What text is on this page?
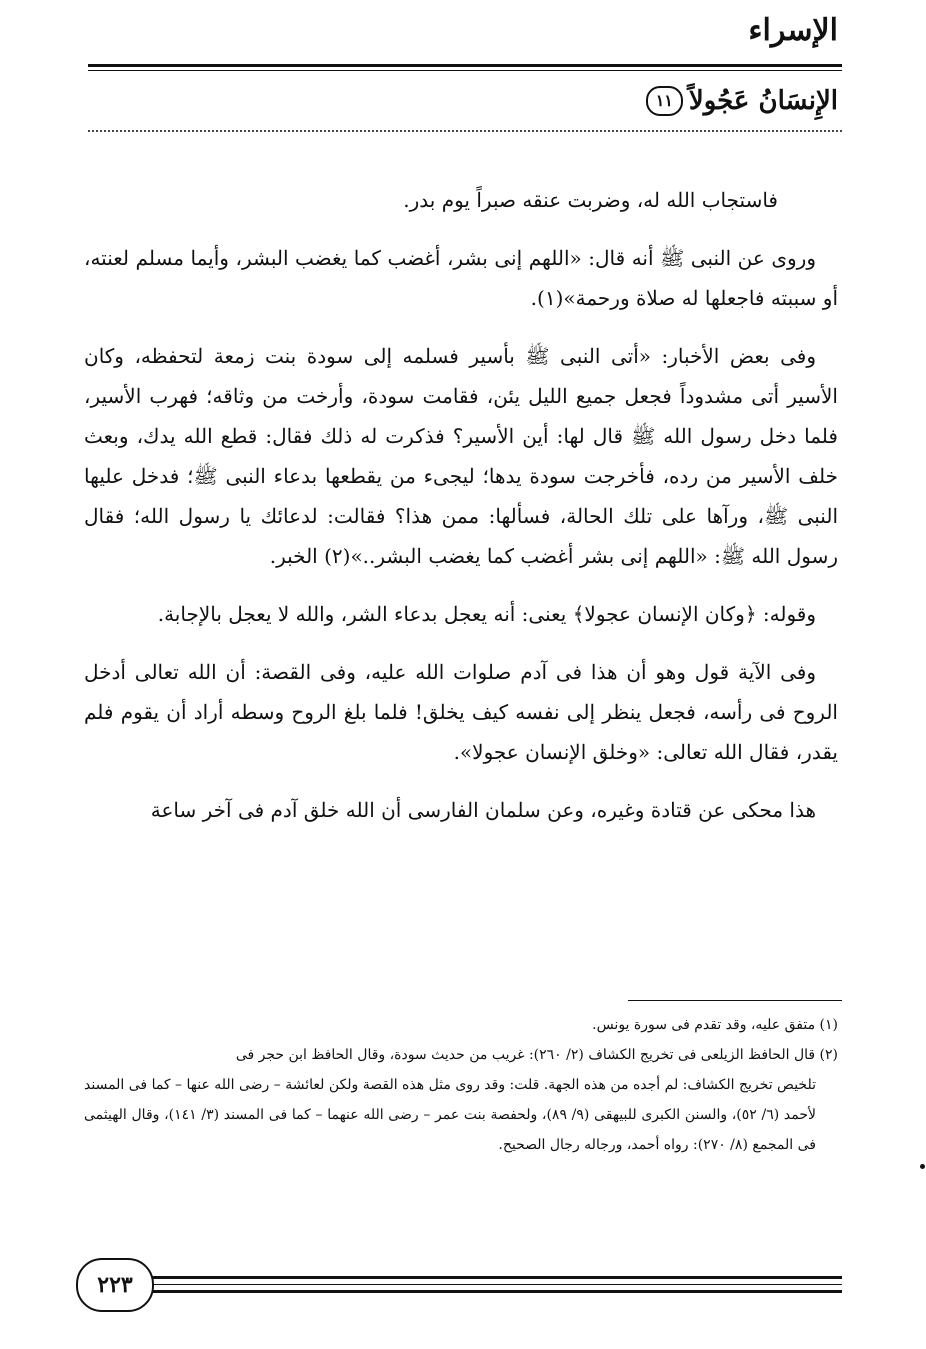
الإسراء
الإِنسَانُ عَجُولاً
١١

فاستجاب الله له، وضربت عنقه صبراً يوم بدر.

وروى عن النبى ﷺ أنه قال: «اللهم إنى بشر، أغضب كما يغضب البشر، وأيما مسلم لعنته، أو سببته فاجعلها له صلاة ورحمة»(١).

وفى بعض الأخبار: «أتى النبى ﷺ بأسير فسلمه إلى سودة بنت زمعة لتحفظه، وكان الأسير أتى مشدوداً فجعل جميع الليل يئن، فقامت سودة، وأرخت من وثاقه؛ فهرب الأسير، فلما دخل رسول الله ﷺ قال لها: أين الأسير؟ فذكرت له ذلك فقال: قطع الله يدك، وبعث خلف الأسير من رده، فأخرجت سودة يدها؛ ليجىء من يقطعها بدعاء النبى ﷺ؛ فدخل عليها النبى ﷺ، ورآها على تلك الحالة، فسألها: ممن هذا؟ فقالت: لدعائك يا رسول الله؛ فقال رسول الله ﷺ: «اللهم إنى بشر أغضب كما يغضب البشر..»(٢) الخبر.

وقوله: ﴿وكان الإنسان عجولا﴾ يعنى: أنه يعجل بدعاء الشر، والله لا يعجل بالإجابة.

وفى الآية قول وهو أن هذا فى آدم صلوات الله عليه، وفى القصة: أن الله تعالى أدخل الروح فى رأسه، فجعل ينظر إلى نفسه كيف يخلق! فلما بلغ الروح وسطه أراد أن يقوم فلم يقدر، فقال الله تعالى: «وخلق الإنسان عجولا».

هذا محكى عن قتادة وغيره، وعن سلمان الفارسى أن الله خلق آدم فى آخر ساعة

(١) متفق عليه، وقد تقدم فى سورة يونس.

(٢) قال الحافظ الزيلعى فى تخريج الكشاف (٢/ ٢٦٠): غريب من حديث سودة، وقال الحافظ ابن حجر فى

تلخيص تخريج الكشاف: لم أجده من هذه الجهة. قلت: وقد روى مثل هذه القصة ولكن لعائشة – رضى الله عنها – كما فى المسند لأحمد (٦/ ٥٢)، والسنن الكبرى للبيهقى (٩/ ٨٩)، ولحفصة بنت عمر – رضى الله عنهما – كما فى المسند (٣/ ١٤١)، وقال الهيثمى فى المجمع (٨/ ٢٧٠): رواه أحمد، ورجاله رجال الصحيح.

٢٢٣
